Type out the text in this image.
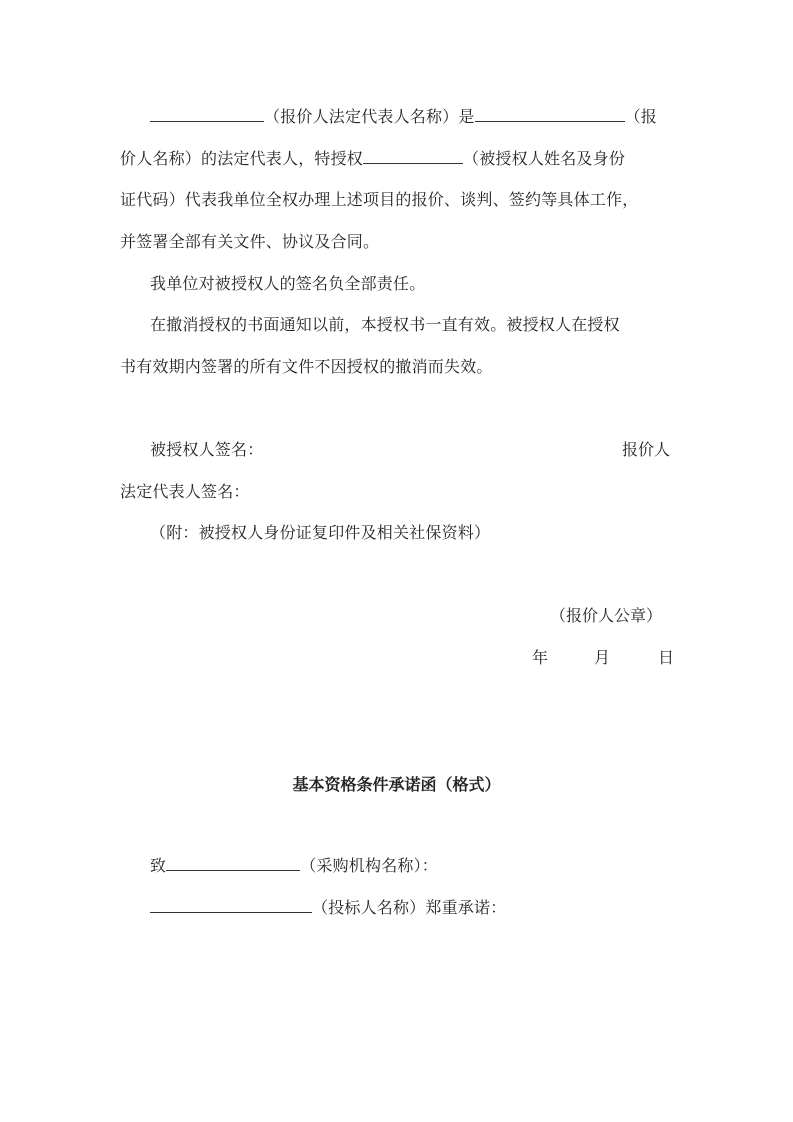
（报价人法定代表人名称）是	（报
价人名称）的法定代表人，特授权	（被授权人姓名及身份
证代码）代表我单位全权办理上述项目的报价、谈判、签约等具体工作，
并签署全部有关文件、协议及合同。
我单位对被授权人的签名负全部责任。
在撤消授权的书面通知以前，本授权书一直有效。被授权人在授权
书有效期内签署的所有文件不因授权的撤消而失效。
被授权人签名：	报价人
法定代表人签名：
（附：被授权人身份证复印件及相关社保资料）
（报价人公章）
年	月	日
基本资格条件承诺函（格式）
致	（采购机构名称）：
（投标人名称）郑重承诺：
